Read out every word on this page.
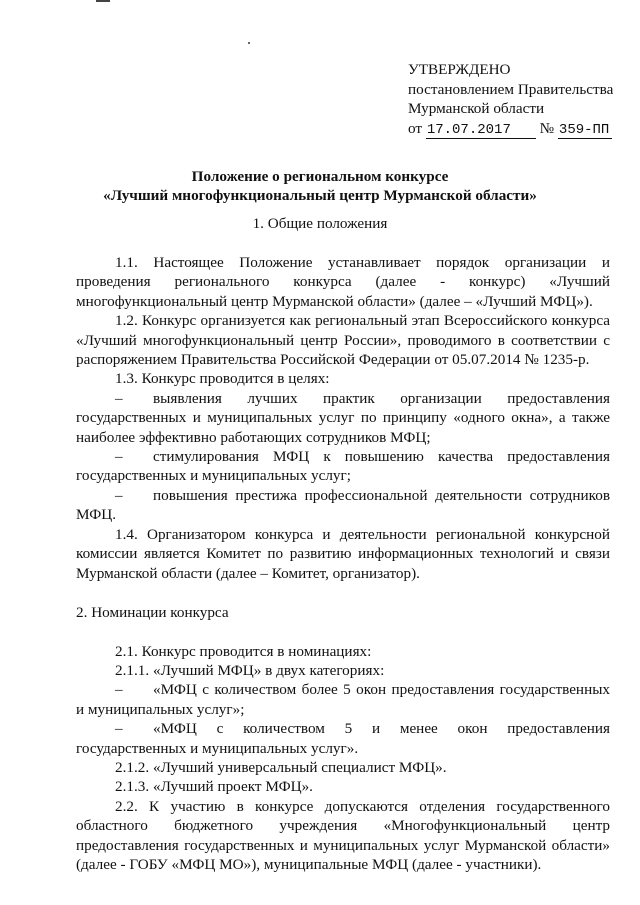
УТВЕРЖДЕНО
постановлением Правительства
Мурманской области
от 17.07.2017 № 359-ПП
Положение о региональном конкурсе
«Лучший многофункциональный центр Мурманской области»
1. Общие положения

1.1. Настоящее Положение устанавливает порядок организации и проведения регионального конкурса (далее - конкурс) «Лучший многофункциональный центр Мурманской области» (далее – «Лучший МФЦ»).

1.2. Конкурс организуется как региональный этап Всероссийского конкурса «Лучший многофункциональный центр России», проводимого в соответствии с распоряжением Правительства Российской Федерации от 05.07.2014 № 1235-р.

1.3. Конкурс проводится в целях:

– выявления лучших практик организации предоставления государственных и муниципальных услуг по принципу «одного окна», а также наиболее эффективно работающих сотрудников МФЦ;

– стимулирования МФЦ к повышению качества предоставления государственных и муниципальных услуг;

– повышения престижа профессиональной деятельности сотрудников МФЦ.

1.4. Организатором конкурса и деятельности региональной конкурсной комиссии является Комитет по развитию информационных технологий и связи Мурманской области (далее – Комитет, организатор).

2. Номинации конкурса

2.1. Конкурс проводится в номинациях:

2.1.1. «Лучший МФЦ» в двух категориях:

– «МФЦ с количеством более 5 окон предоставления государственных и муниципальных услуг»;

– «МФЦ с количеством 5 и менее окон предоставления государственных и муниципальных услуг».

2.1.2. «Лучший универсальный специалист МФЦ».

2.1.3. «Лучший проект МФЦ».

2.2. К участию в конкурсе допускаются отделения государственного областного бюджетного учреждения «Многофункциональный центр предоставления государственных и муниципальных услуг Мурманской области» (далее - ГОБУ «МФЦ МО»), муниципальные МФЦ (далее - участники).
